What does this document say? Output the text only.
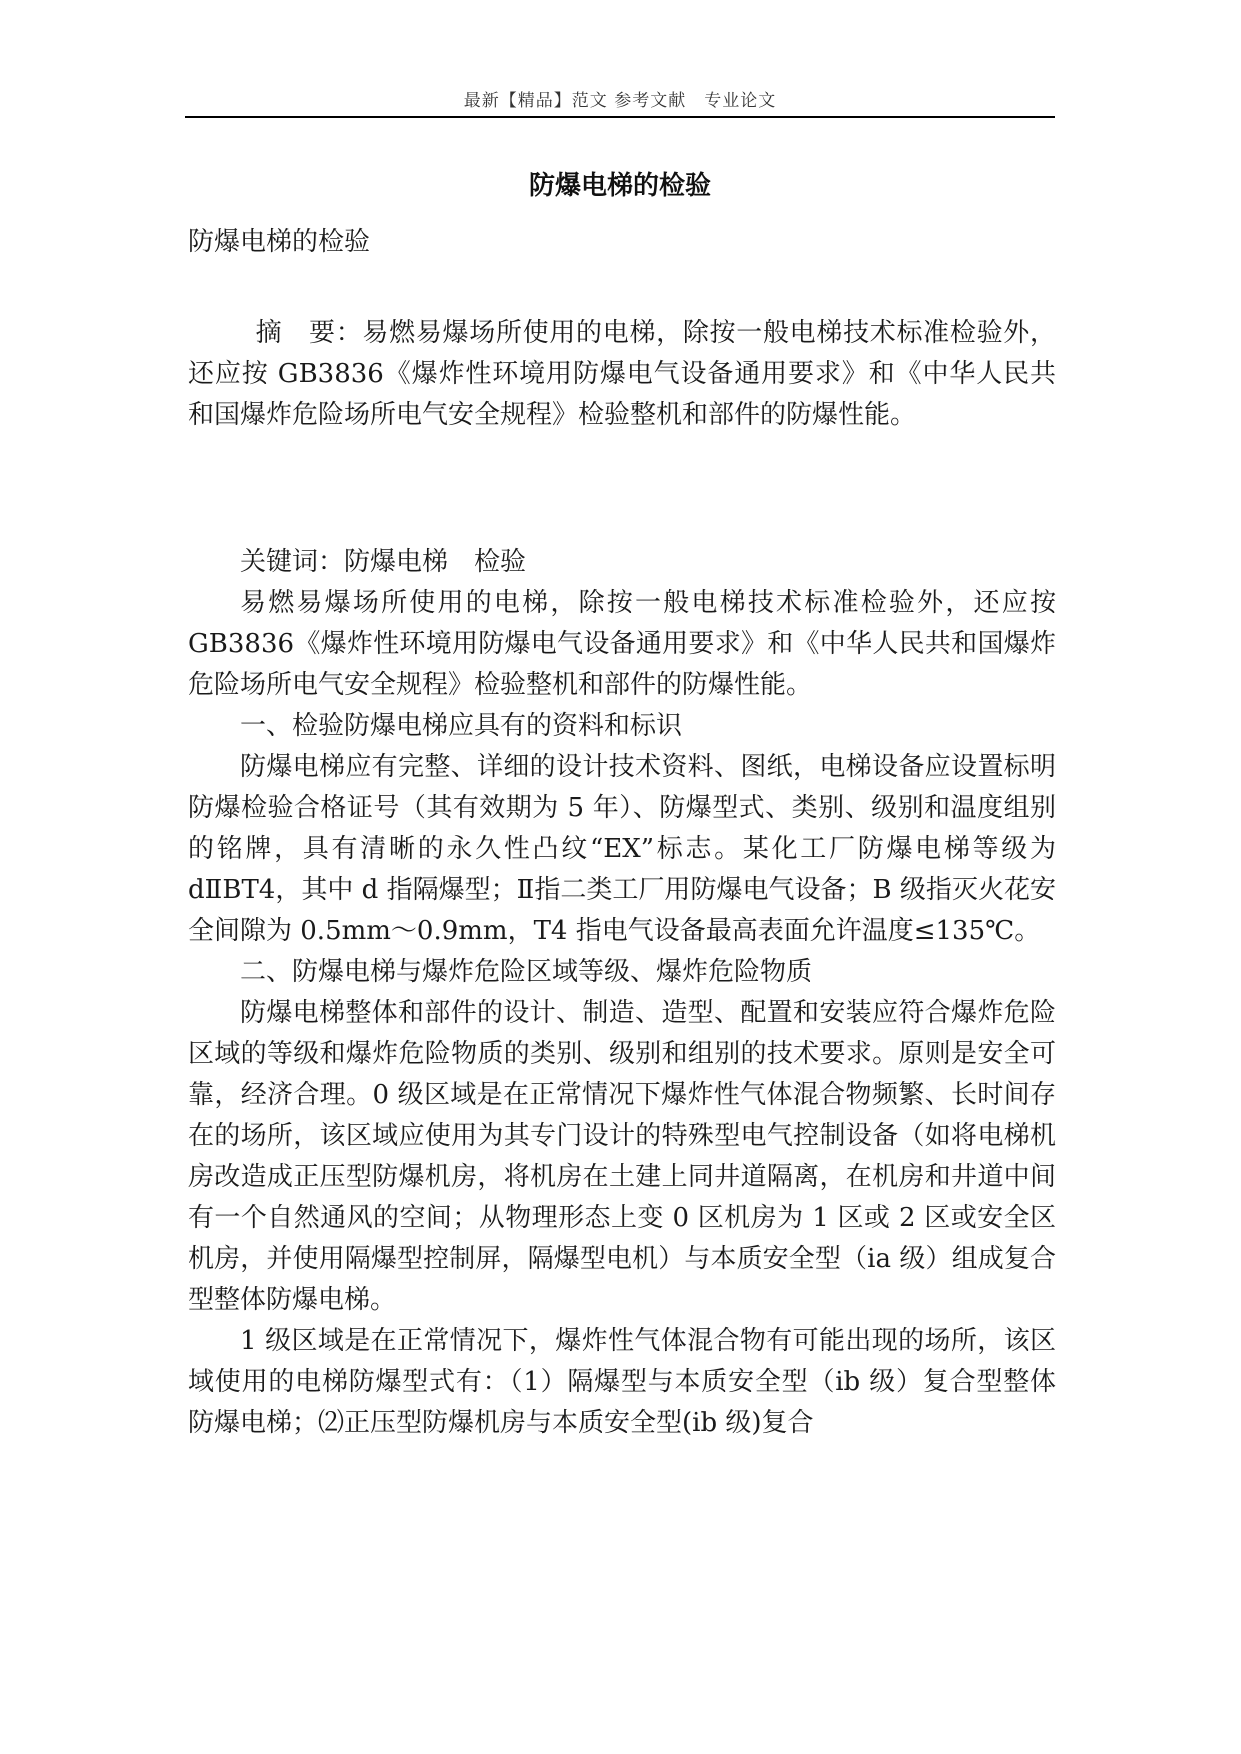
最新【精品】范文 参考文献　专业论文
防爆电梯的检验

防爆电梯的检验

摘　要：易燃易爆场所使用的电梯，除按一般电梯技术标准检验外，还应按 GB3836《爆炸性环境用防爆电气设备通用要求》和《中华人民共和国爆炸危险场所电气安全规程》检验整机和部件的防爆性能。

关键词：防爆电梯　检验

易燃易爆场所使用的电梯，除按一般电梯技术标准检验外，还应按 GB3836《爆炸性环境用防爆电气设备通用要求》和《中华人民共和国爆炸危险场所电气安全规程》检验整机和部件的防爆性能。

一、检验防爆电梯应具有的资料和标识

防爆电梯应有完整、详细的设计技术资料、图纸，电梯设备应设置标明防爆检验合格证号（其有效期为 5 年）、防爆型式、类别、级别和温度组别的铭牌，具有清晰的永久性凸纹“EX”标志。某化工厂防爆电梯等级为 dⅡBT4，其中 d 指隔爆型；Ⅱ指二类工厂用防爆电气设备；B 级指灭火花安全间隙为 0.5mm～0.9mm，T4 指电气设备最高表面允许温度≤135℃。

二、防爆电梯与爆炸危险区域等级、爆炸危险物质

防爆电梯整体和部件的设计、制造、造型、配置和安装应符合爆炸危险区域的等级和爆炸危险物质的类别、级别和组别的技术要求。原则是安全可靠，经济合理。0 级区域是在正常情况下爆炸性气体混合物频繁、长时间存在的场所，该区域应使用为其专门设计的特殊型电气控制设备（如将电梯机房改造成正压型防爆机房，将机房在土建上同井道隔离，在机房和井道中间有一个自然通风的空间；从物理形态上变 0 区机房为 1 区或 2 区或安全区机房，并使用隔爆型控制屏，隔爆型电机）与本质安全型（ia 级）组成复合型整体防爆电梯。

1 级区域是在正常情况下，爆炸性气体混合物有可能出现的场所，该区域使用的电梯防爆型式有：（1）隔爆型与本质安全型（ib 级）复合型整体防爆电梯；⑵正压型防爆机房与本质安全型(ib 级)复合
